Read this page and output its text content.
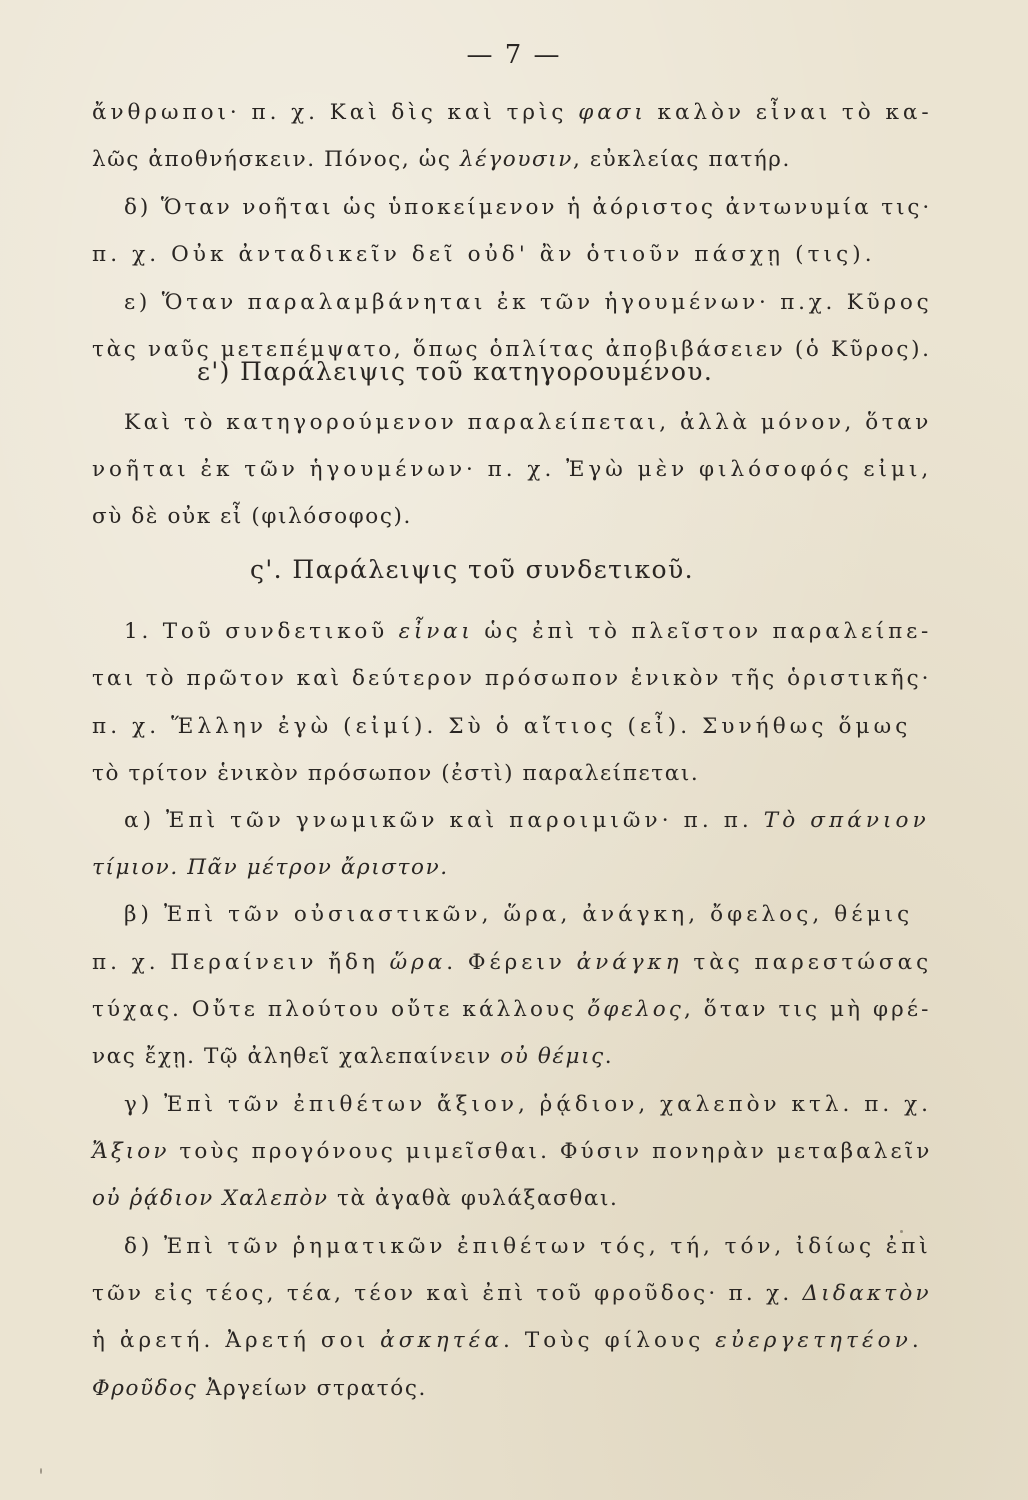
— 7 —
ἄνθρωποι· π. χ. Καὶ δὶς καὶ τρὶς φασι καλὸν εἶναι τὸ κα-
λῶς ἀποθνήσκειν. Πόνος, ὡς λέγουσιν, εὐκλείας πατήρ.
δ) Ὅταν νοῆται ὡς ὑποκείμενον ἡ ἀόριστος ἀντωνυμία τις·
π. χ. Οὐκ ἀνταδικεῖν δεῖ οὐδ' ἂν ὁτιοῦν πάσχῃ (τις).
ε) Ὅταν παραλαμβάνηται ἐκ τῶν ἡγουμένων· π.χ. Κῦρος
τὰς ναῦς μετεπέμψατο, ὅπως ὁπλίτας ἀποβιβάσειεν (ὁ Κῦρος).
ε') Παράλειψις τοῦ κατηγορουμένου.
Καὶ τὸ κατηγορούμενον παραλείπεται, ἀλλὰ μόνον, ὅταν
νοῆται ἐκ τῶν ἡγουμένων· π. χ. Ἐγὼ μὲν φιλόσοφός εἰμι,
σὺ δὲ οὐκ εἶ (φιλόσοφος).
ς'. Παράλειψις τοῦ συνδετικοῦ.
1. Τοῦ συνδετικοῦ εἶναι ὡς ἐπὶ τὸ πλεῖστον παραλείπε-
ται τὸ πρῶτον καὶ δεύτερον πρόσωπον ἑνικὸν τῆς ὁριστικῆς·
π. χ. Ἕλλην ἐγὼ (εἰμί). Σὺ ὁ αἴτιος (εἶ). Συνήθως ὅμως
τὸ τρίτον ἑνικὸν πρόσωπον (ἐστὶ) παραλείπεται.
α) Ἐπὶ τῶν γνωμικῶν καὶ παροιμιῶν· π. π. Τὸ σπάνιον
τίμιον. Πᾶν μέτρον ἄριστον.
β) Ἐπὶ τῶν οὐσιαστικῶν, ὥρα, ἀνάγκη, ὄφελος, θέμις
π. χ. Περαίνειν ἤδη ὥρα. Φέρειν ἀνάγκη τὰς παρεστώσας
τύχας. Οὔτε πλούτου οὔτε κάλλους ὄφελος, ὅταν τις μὴ φρέ-
νας ἔχῃ. Τῷ ἀληθεῖ χαλεπαίνειν οὐ θέμις.
γ) Ἐπὶ τῶν ἐπιθέτων ἄξιον, ῥᾴδιον, χαλεπὸν κτλ. π. χ.
Ἄξιον τοὺς προγόνους μιμεῖσθαι. Φύσιν πονηρὰν μεταβαλεῖν
οὐ ῥᾴδιον Χαλεπὸν τὰ ἀγαθὰ φυλάξασθαι.
δ) Ἐπὶ τῶν ῥηματικῶν ἐπιθέτων τός, τή, τόν, ἰδίως ἐπὶ
τῶν εἰς τέος, τέα, τέον καὶ ἐπὶ τοῦ φροῦδος· π. χ. Διδακτὸν
ἡ ἀρετή. Ἀρετή σοι ἀσκητέα. Τοὺς φίλους εὐεργετητέον.
Φροῦδος Ἀργείων στρατός.
